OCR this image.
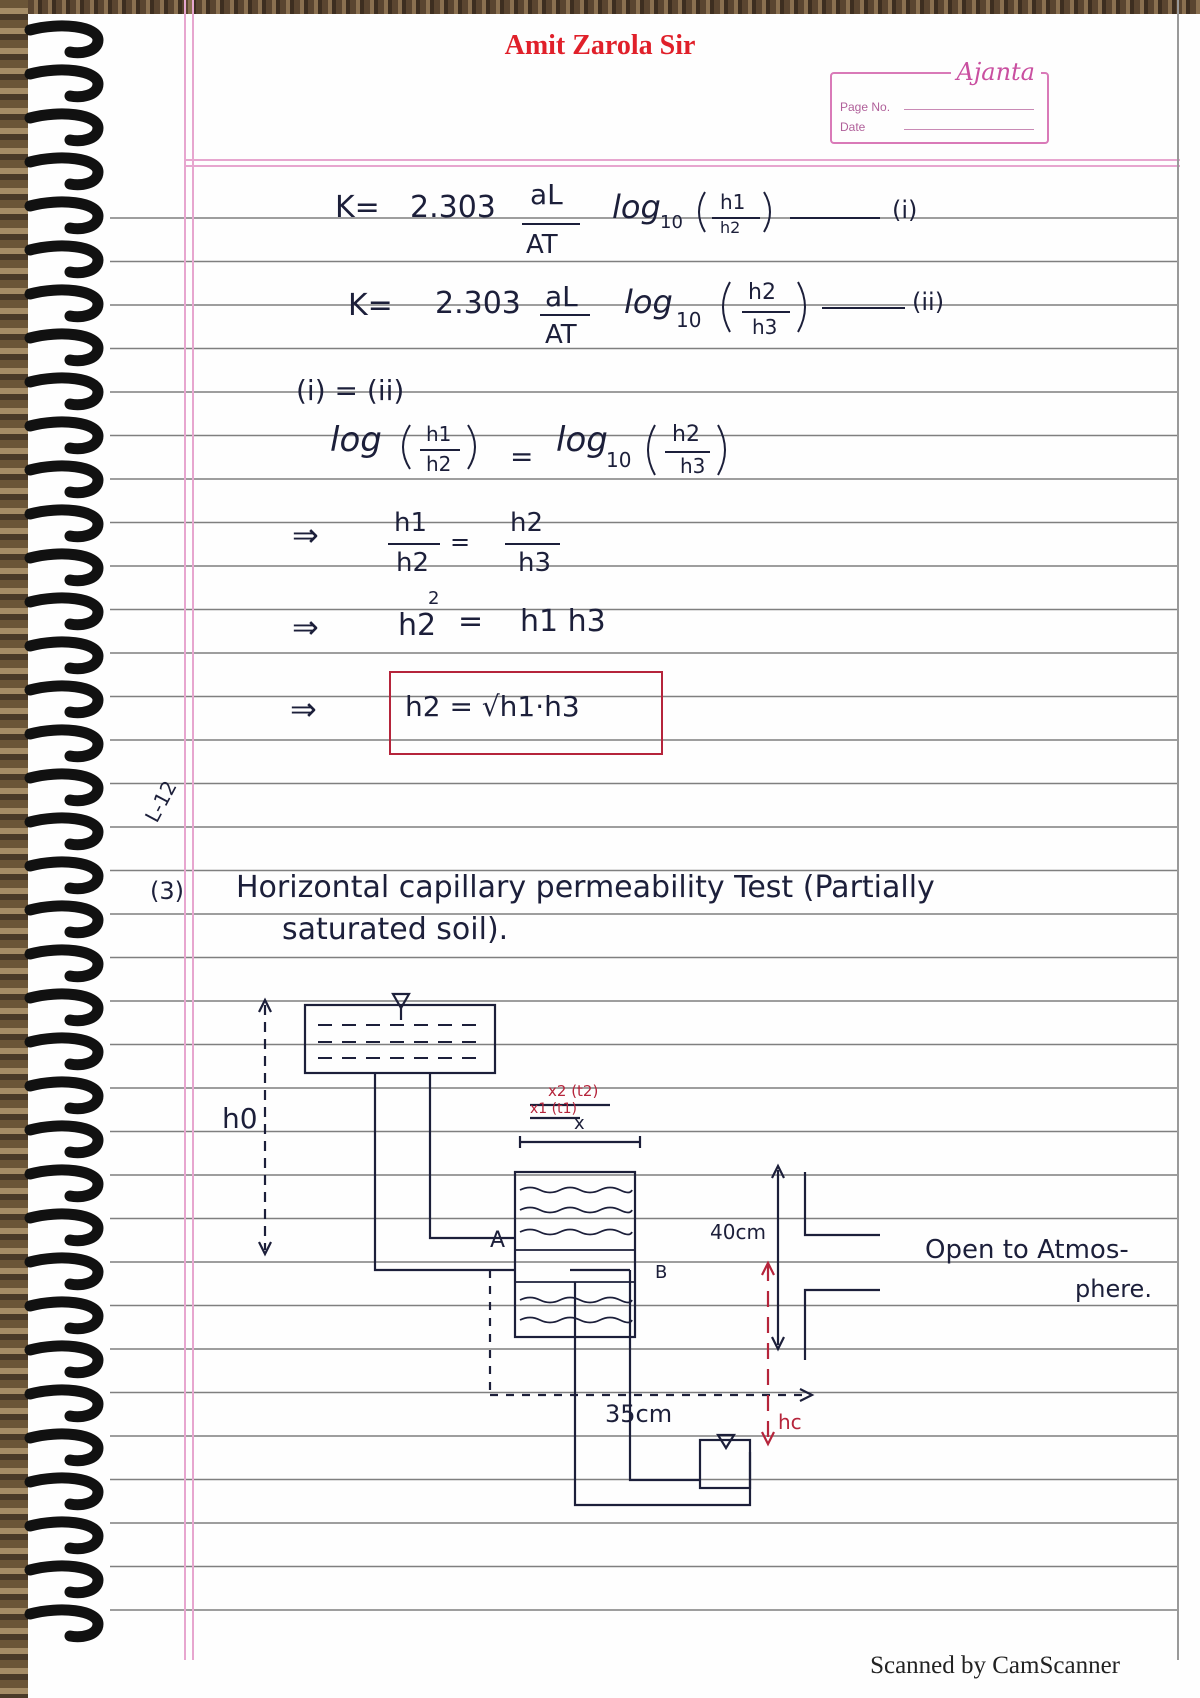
Amit Zarola Sir
Ajanta
Page No.
Date
K= 2.303 aL
AT
log 10
h1
h2
(i)
K= 2.303 aL
AT
log 10
h2
h3
(ii)
(i) = (ii)
log h1
h2 = log
10
h2
h3
⇒	h1
h2
=
h2
h3
⇒	h2
2
= h1 h3
⇒	h2 = √h1·h3
L-12
(3) Horizontal capillary permeability Test (Partially
saturated soil).
h0
x2 (t2)
x1 (t1)
x
A
B
40cm
35cm	hc
Open to Atmos-
phere.
Scanned by CamScanner
